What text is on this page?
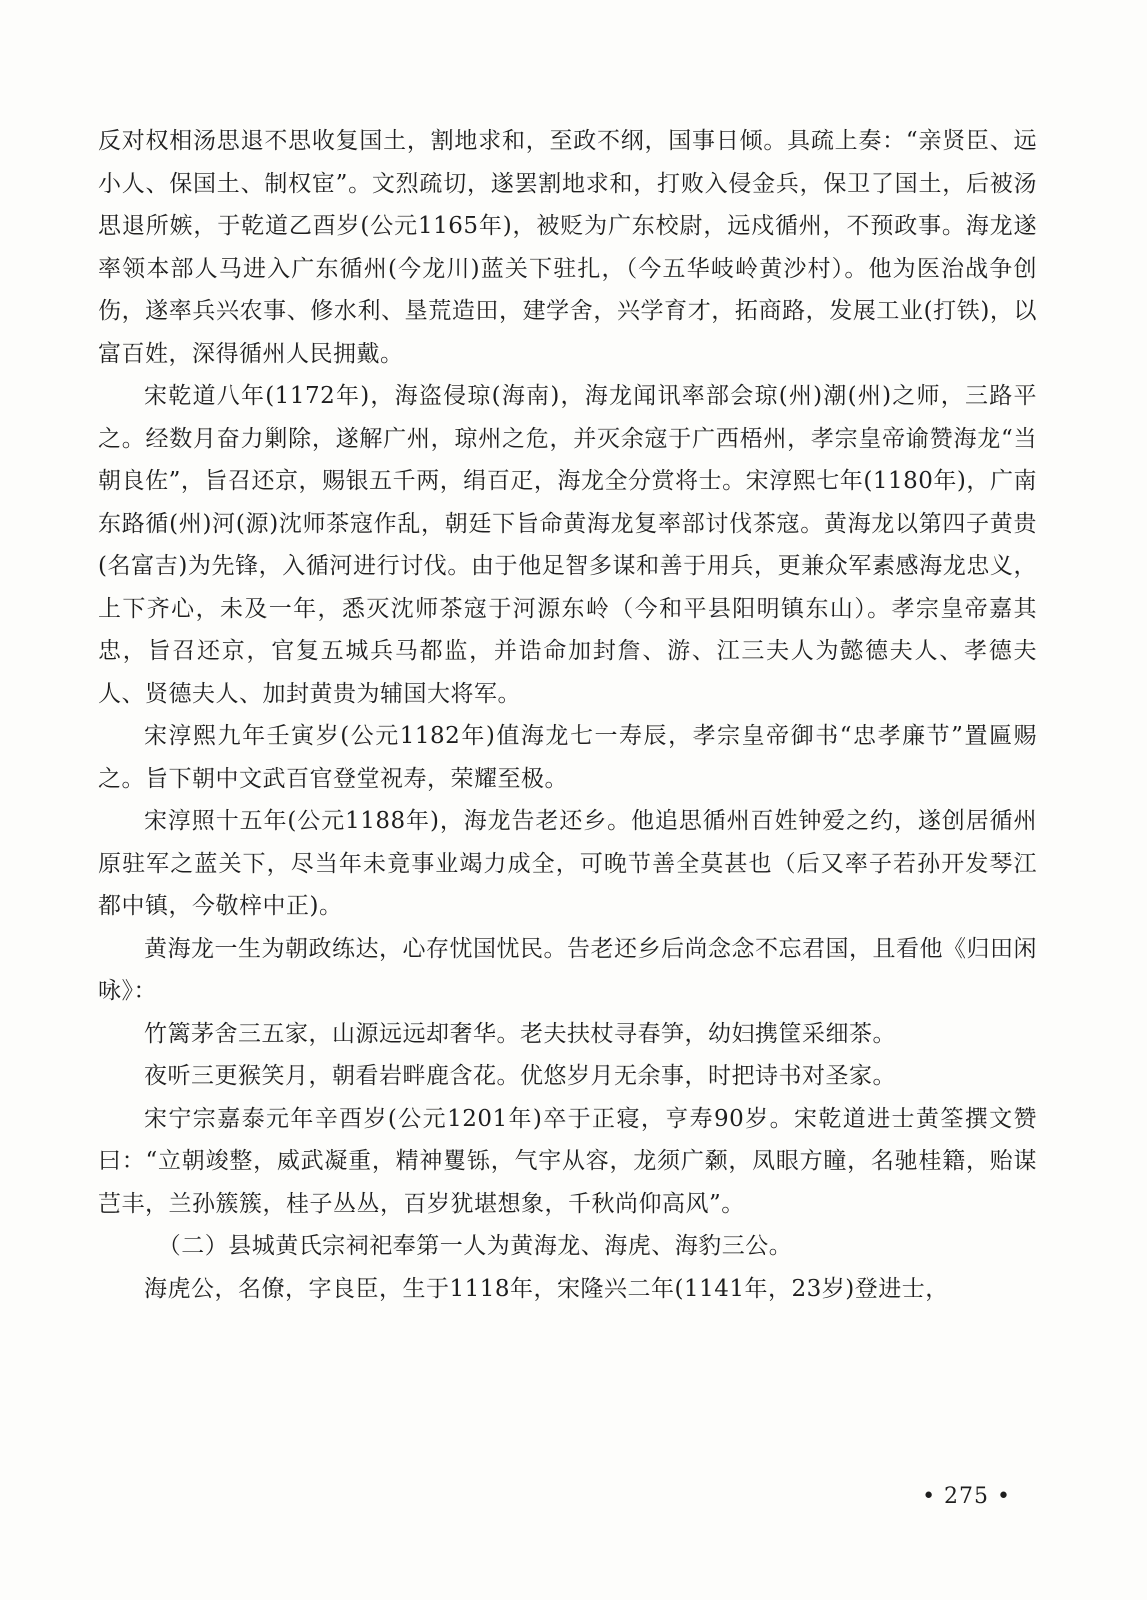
反对权相汤思退不思收复国土，割地求和，至政不纲，国事日倾。具疏上奏：“亲贤臣、远小人、保国土、制权宦”。文烈疏切，遂罢割地求和，打败入侵金兵，保卫了国土，后被汤思退所嫉，于乾道乙酉岁(公元1165年)，被贬为广东校尉，远戍循州，不预政事。海龙遂率领本部人马进入广东循州(今龙川)蓝关下驻扎，（今五华岐岭黄沙村）。他为医治战争创伤，遂率兵兴农事、修水利、垦荒造田，建学舍，兴学育才，拓商路，发展工业(打铁)，以富百姓，深得循州人民拥戴。

宋乾道八年(1172年)，海盗侵琼(海南)，海龙闻讯率部会琼(州)潮(州)之师，三路平之。经数月奋力剿除，遂解广州，琼州之危，并灭余寇于广西梧州，孝宗皇帝谕赞海龙“当朝良佐”，旨召还京，赐银五千两，绢百疋，海龙全分赏将士。宋淳熙七年(1180年)，广南东路循(州)河(源)沈师茶寇作乱，朝廷下旨命黄海龙复率部讨伐茶寇。黄海龙以第四子黄贵(名富吉)为先锋，入循河进行讨伐。由于他足智多谋和善于用兵，更兼众军素感海龙忠义，上下齐心，未及一年，悉灭沈师茶寇于河源东岭（今和平县阳明镇东山）。孝宗皇帝嘉其忠，旨召还京，官复五城兵马都监，并诰命加封詹、游、江三夫人为懿德夫人、孝德夫人、贤德夫人、加封黄贵为辅国大将军。

宋淳熙九年壬寅岁(公元1182年)值海龙七一寿辰，孝宗皇帝御书“忠孝廉节”置匾赐之。旨下朝中文武百官登堂祝寿，荣耀至极。

宋淳照十五年(公元1188年)，海龙告老还乡。他追思循州百姓钟爱之约，遂创居循州原驻军之蓝关下，尽当年未竟事业竭力成全，可晚节善全莫甚也（后又率子若孙开发琴江都中镇，今敬梓中正)。

黄海龙一生为朝政练达，心存忧国忧民。告老还乡后尚念念不忘君国，且看他《归田闲咏》：

竹篱茅舍三五家，山源远远却奢华。老夫扶杖寻春笋，幼妇携筐采细茶。

夜听三更猴笑月，朝看岩畔鹿含花。优悠岁月无余事，时把诗书对圣家。

宋宁宗嘉泰元年辛酉岁(公元1201年)卒于正寝，亨寿90岁。宋乾道进士黄筌撰文赞曰：“立朝竣整，威武凝重，精神矍铄，气宇从容，龙须广颡，凤眼方瞳，名驰桂籍，贻谋芑丰，兰孙簇簇，桂子丛丛，百岁犹堪想象，千秋尚仰高风”。

（二）县城黄氏宗祠祀奉第一人为黄海龙、海虎、海豹三公。

海虎公，名僚，字良臣，生于1118年，宋隆兴二年(1141年，23岁)登进士，

• 275 •
